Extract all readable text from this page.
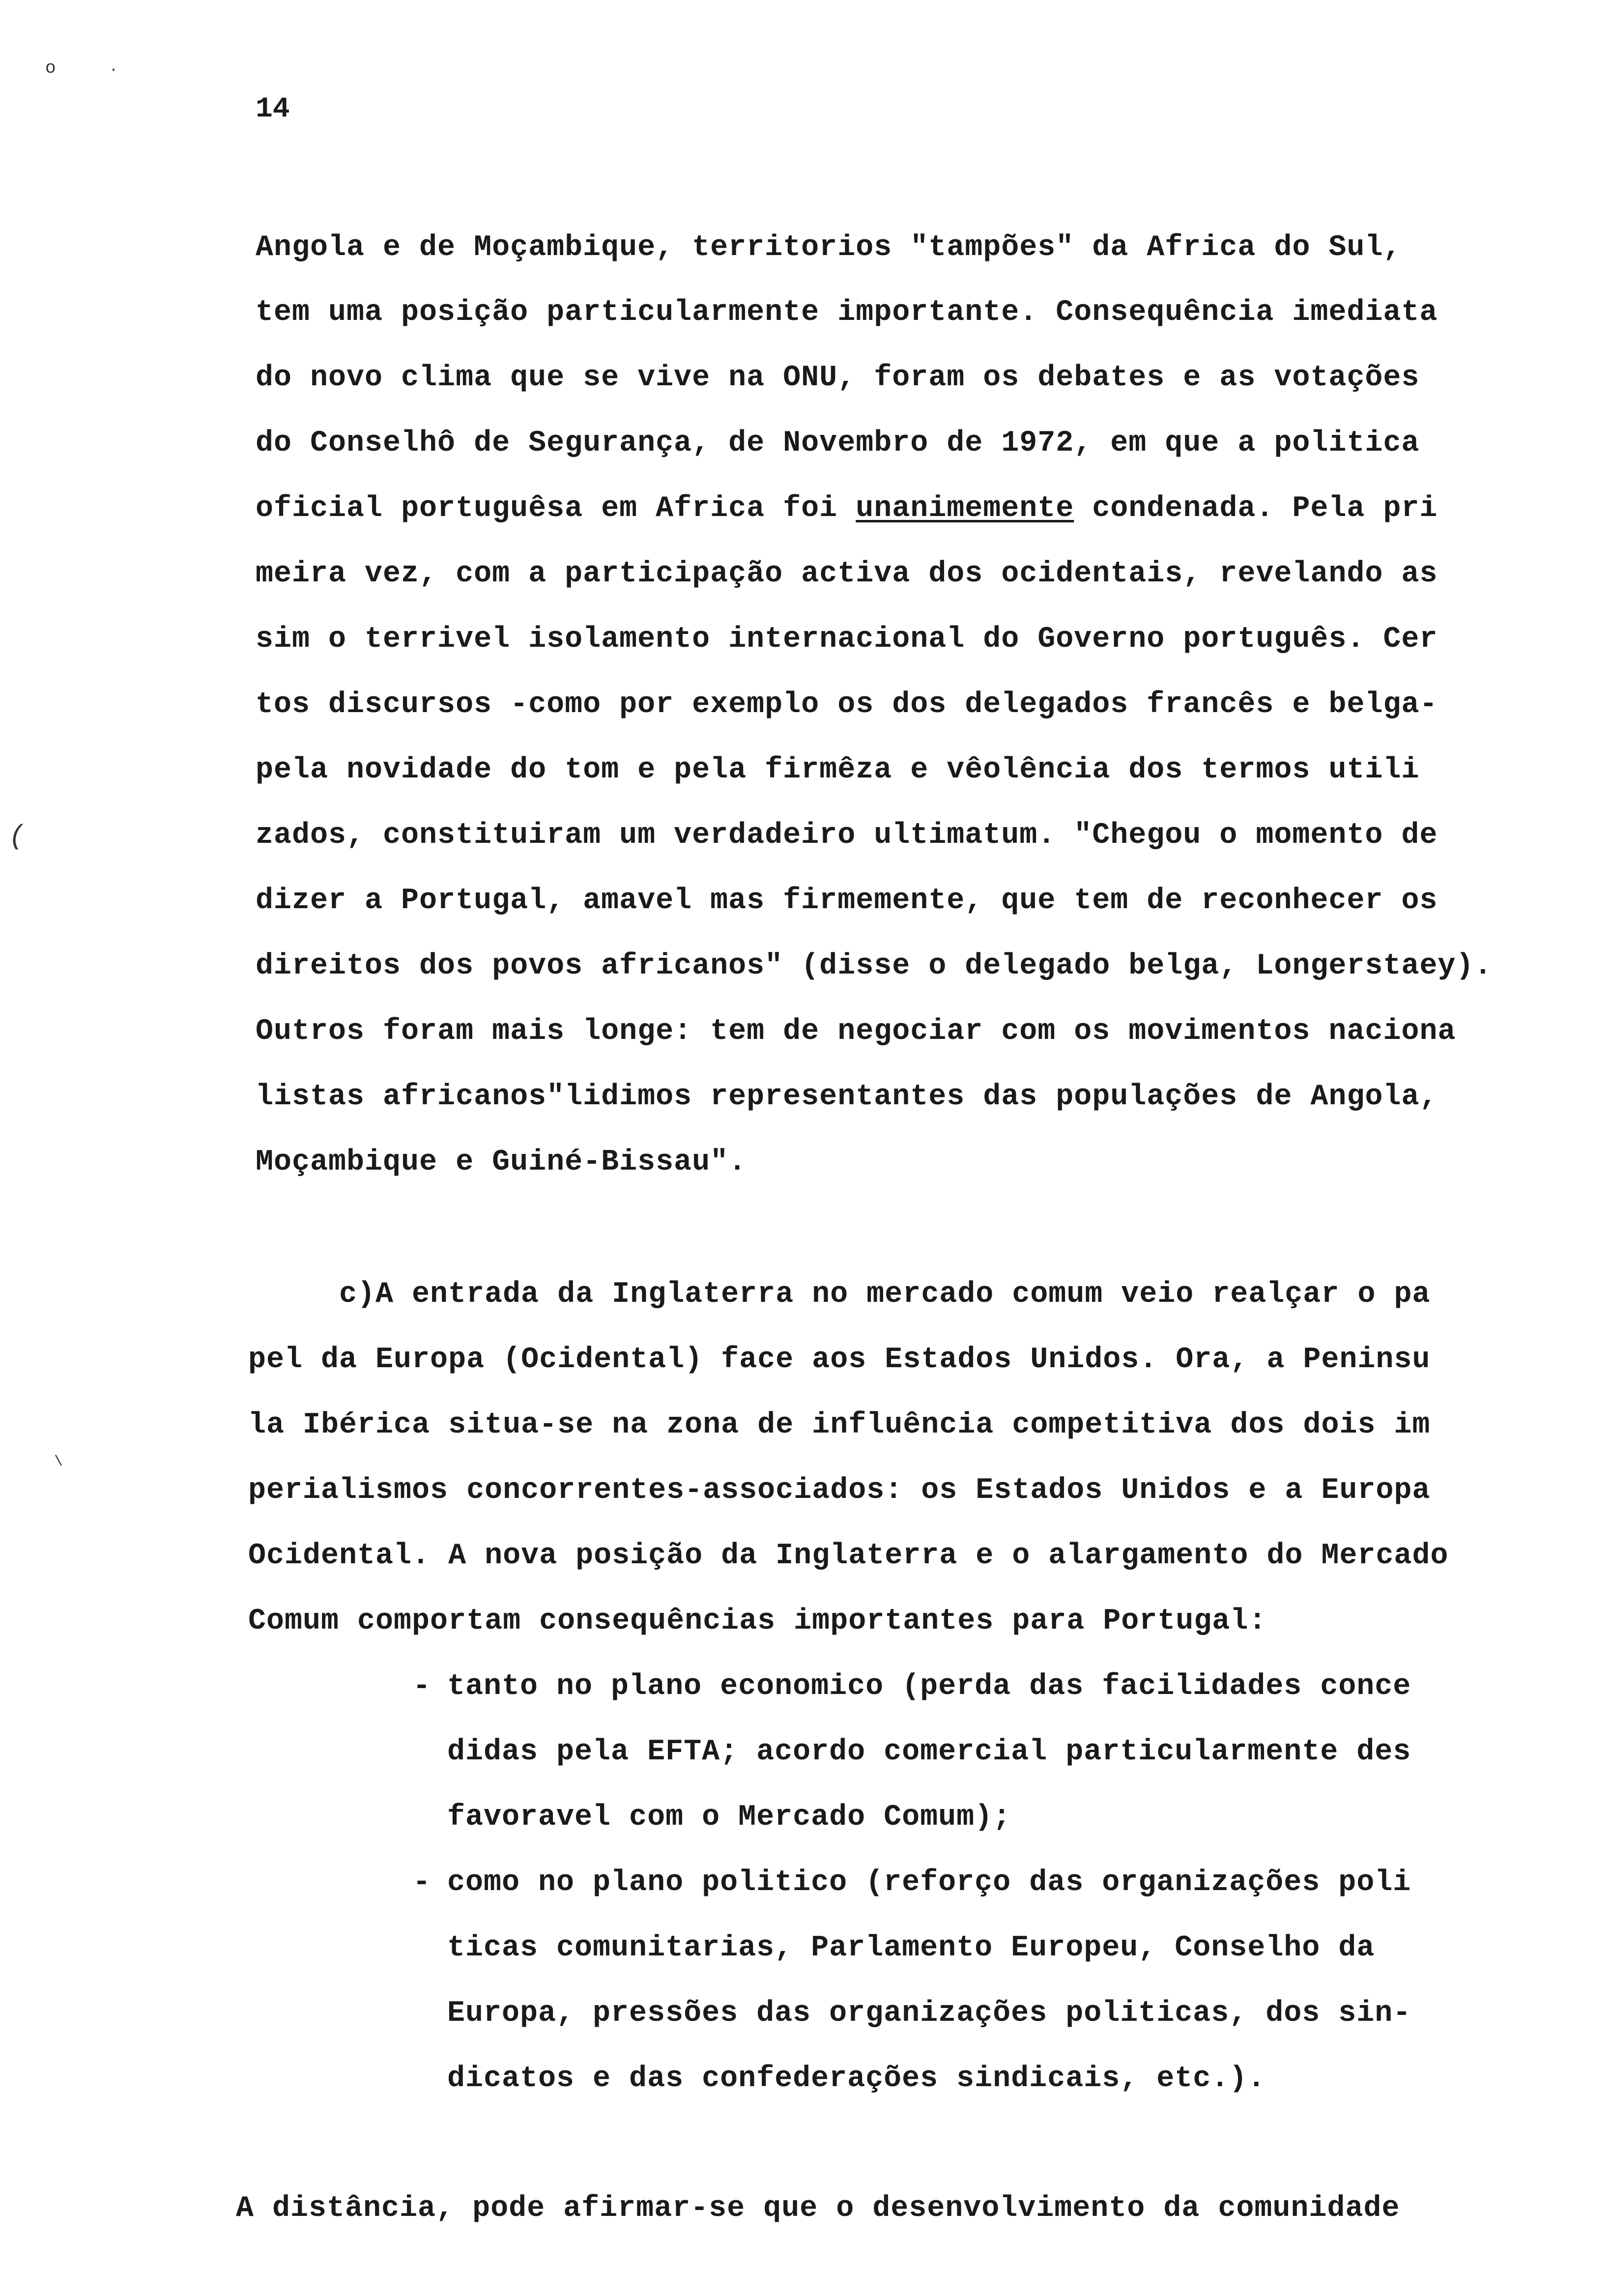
o	·
(
\
14
Angola e de Moçambique, territorios "tampões" da Africa do Sul,
tem uma posição particularmente importante. Consequência imediata
do novo clima que se vive na ONU, foram os debates e as votações
do Conselhô de Segurança, de Novembro de 1972, em que a politica
oficial portuguêsa em Africa foi unanimemente condenada. Pela pri
meira vez, com a participação activa dos ocidentais, revelando as
sim o terrivel isolamento internacional do Governo português. Cer
tos discursos -como por exemplo os dos delegados francês e belga-
pela novidade do tom e pela firmêza e vêolência dos termos utili
zados, constituiram um verdadeiro ultimatum. "Chegou o momento de
dizer a Portugal, amavel mas firmemente, que tem de reconhecer os
direitos dos povos africanos" (disse o delegado belga, Longerstaey).
Outros foram mais longe: tem de negociar com os movimentos naciona
listas africanos"lidimos representantes das populações de Angola,
Moçambique e Guiné-Bissau".
c)A entrada da Inglaterra no mercado comum veio realçar o pa
pel da Europa (Ocidental) face aos Estados Unidos. Ora, a Peninsu
la Ibérica situa-se na zona de influência competitiva dos dois im
perialismos concorrentes-associados: os Estados Unidos e a Europa
Ocidental. A nova posição da Inglaterra e o alargamento do Mercado
Comum comportam consequências importantes para Portugal:
- tanto no plano economico (perda das facilidades conce
didas pela EFTA; acordo comercial particularmente des
favoravel com o Mercado Comum);
- como no plano politico (reforço das organizações poli
ticas comunitarias, Parlamento Europeu, Conselho da
Europa, pressões das organizações politicas, dos sin-
dicatos e das confederações sindicais, etc.).
A distância, pode afirmar-se que o desenvolvimento da comunidade
